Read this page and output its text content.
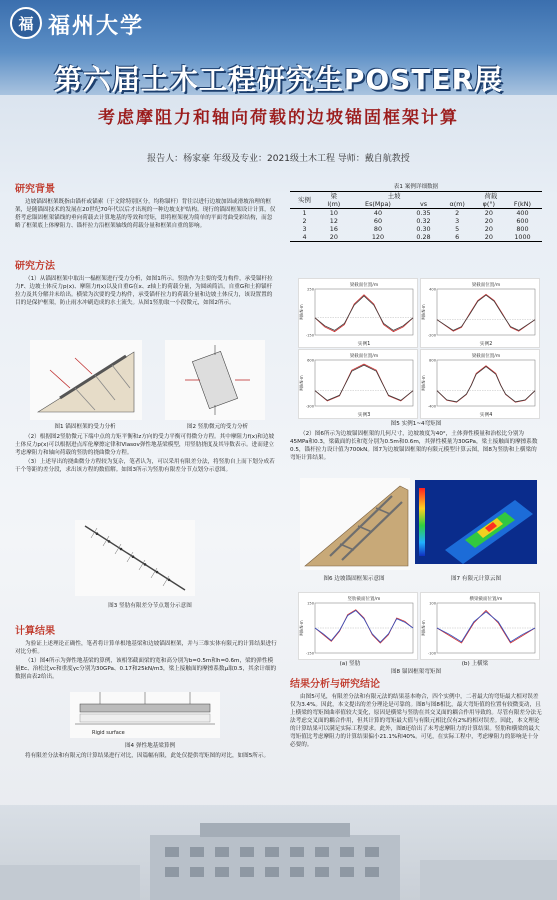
福 福州大学
第六届土木工程研究生POSTER展
考虑摩阻力和轴向荷载的边坡锚固框架计算
报告人：杨家豪 年级及专业：2021级土木工程 导师：戴自航教授
研究背景
边坡锚固框架既指由锚杆或锚索（于文除特别区分，均称锚杆）背往以进行边坡加固或滑坡治理的框架，是随锚固技术的发展在20世纪70年代以后才出现的一种边坡支护结构。现行的锚固框架设计计算，仅搭考虑锚固框架锚线的垂向荷载去计算地基的等效和弯矩，即将框架视为简单的平面弯曲受彩结构，而忽略了框架底上体摩阻力、锚杆拉力沿框架轴线的荷载分量和框架自重的影响。
研究方法
（1）从锚固框架中取出一榀框架进行受力分析，如图1所示。竖肋作为主要的受力构件，承受锚杆拉力F、边坡土体反力p(x)、摩阻力f(x)以及自重G在x、z轴上的荷载分量，为圆函简洁，自重G和土抑锚杆拉力及其分解并未给出。横梁为次要的受力构件，承受锚杆拉力的荷载分量和边坡土体反力，该设置置的目的是保护框架，防止雨水冲刷造成的水土流失。从图1竖肋取一小段微元，如图2所示。
图1 锚固框架的受力分析	图2 竖肋微元的受力分析
（2）根据图2竖肋微元下端中点的力矩平衡和z方向的受力平衡可得微分方程。其中摩阻力f(x)和边坡土体反力p(x)可以根据进点库伦摩擦定律和Vlasov弹性地基梁模型，用竖肋挠度及其导数表示。进而建立考虑摩阻力和轴向荷载的竖肋的挠曲微分方程。
（3）上述导出的挠曲微分方程较为复杂，笔者认为，可以采用有限差分法，将竖肋自上而下划分成若干个等距的差分段，求出该方程的数值解。如图3所示为竖肋有限差分节点划分示意图。
图3 竖肋有限差分节点划分示意图
计算结果
为验证上述理论正确性，笔者将计算单根地基梁和边坡锚固框架，并与三维实体有限元的计算结果进行对比分析。
（1）图4所示为弹性地基梁的算例，该相邻截面梁的宽和高分别为b=0.5m和h=0.6m，梁的弹性模量Ec、治松比vc和重度γc分别为30GPa、0.17和25kN/m3，梁上接触面的摩擦系数μ取0.5，其余计细的数据由表2给出。
Rigid surface
图4 弹性地基梁算例
将有限差分法和有限元的计算结果进行对比，因篇幅有限，此处仅提供弯矩图的对比，如图5所示。
表1 案例详细数据
实例	梁	土坡		荷载		
	l(m)	Es(Mpa)	vs	α(m)	φ(°)	F(kN)
1	10	40	0.35	2	20	400
2	12	60	0.32	3	20	600
3	16	80	0.30	5	20	800
4	20	120	0.28	6	20	1000
图5 实例1~4弯矩图
（2）图6所示为边坡锚固框架的几何尺寸，边坡坡度为40°，土体弹性模量和治松比分别为45MPa和0.3，梁截面的长和宽分别为0.5m和0.6m，其弹性模量为30GPa，梁土接触面的摩擦系数0.5，锚杆拉力设计值为700kN。图7为边坡锚固框架的有限元模型计算云图，图8为竖肋和上横梁的弯矩计算结果。
图6 边坡锚固框架示意图	图7 有限元计算云图
(a) 竖肋	(b) 上横梁
图8 锚固框架弯矩图
结果分析与研究结论
由图5可见，有限差分法和有限元法的结果基本吻合，四个实例中，二者最大的弯矩最大相对误差仅为3.4%。因此，本文提出的差分理论是可靠的。图8与图8相比，最大弯矩值的位置有较微变动，且上横梁的弯矩图曲率值较大变化，原因是横梁与竖肋在其交叉面的耦合作用导致的。尽管有限差分法无法考虑交叉面的耦合作用，但其计算的弯矩最大值与有限元相比仅有2%的相对误差。因此，本文理论的计算结果可以满足实际工程要求。此外，图8还给出了未考虑摩阻力的计算结果。竖肋和横梁的最大弯矩值比考虑摩阻力的计算结果偏小21.1%和40%。可见，在实际工程中，考虑摩阻力的影响是十分必要的。
梁截面位置/m
M/kN·m
-150
250
实例1
梁截面位置/m
M/kN·m
-200
400
实例2
梁截面位置/m
M/kN·m
-300
600
实例3
梁截面位置/m
M/kN·m
-400
800
实例4
竖肋截面位置/m
M/kN·m
-150
150
横梁截面位置/m
M/kN·m
-100
100
